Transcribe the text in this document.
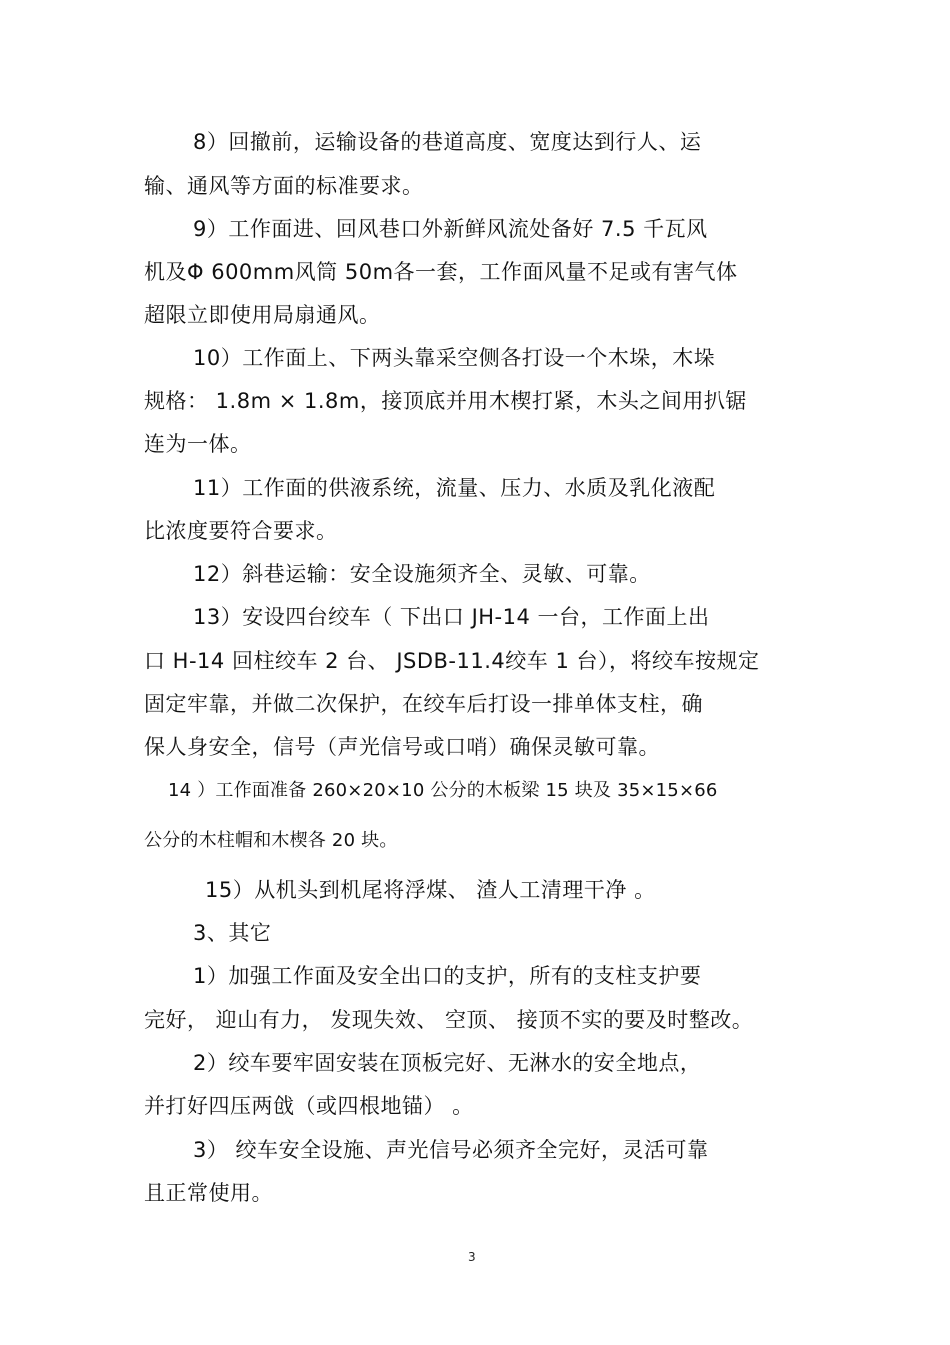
8）回撤前，运输设备的巷道高度、宽度达到行人、运
输、通风等方面的标准要求。
9）工作面进、回风巷口外新鲜风流处备好 7.5 千瓦风
机及Φ 600mm风筒 50m各一套，工作面风量不足或有害气体
超限立即使用局扇通风。
10）工作面上、下两头靠采空侧各打设一个木垛，木垛
规格： 1.8m × 1.8m，接顶底并用木楔打紧，木头之间用扒锯
连为一体。
11）工作面的供液系统，流量、压力、水质及乳化液配
比浓度要符合要求。
12）斜巷运输：安全设施须齐全、灵敏、可靠。
13）安设四台绞车（ 下出口 JH-14 一台，工作面上出
口 H-14 回柱绞车 2 台、 JSDB-11.4绞车 1 台），将绞车按规定
固定牢靠，并做二次保护，在绞车后打设一排单体支柱，确
保人身安全，信号（声光信号或口哨）确保灵敏可靠。
14 ）工作面准备 260×20×10 公分的木板梁 15 块及 35×15×66
公分的木柱帽和木楔各 20 块。
15）从机头到机尾将浮煤、 渣人工清理干净 。
3、其它
1）加强工作面及安全出口的支护，所有的支柱支护要
完好， 迎山有力， 发现失效、 空顶、 接顶不实的要及时整改。
2）绞车要牢固安装在顶板完好、无淋水的安全地点，
并打好四压两戗（或四根地锚） 。
3） 绞车安全设施、声光信号必须齐全完好，灵活可靠
且正常使用。
3
